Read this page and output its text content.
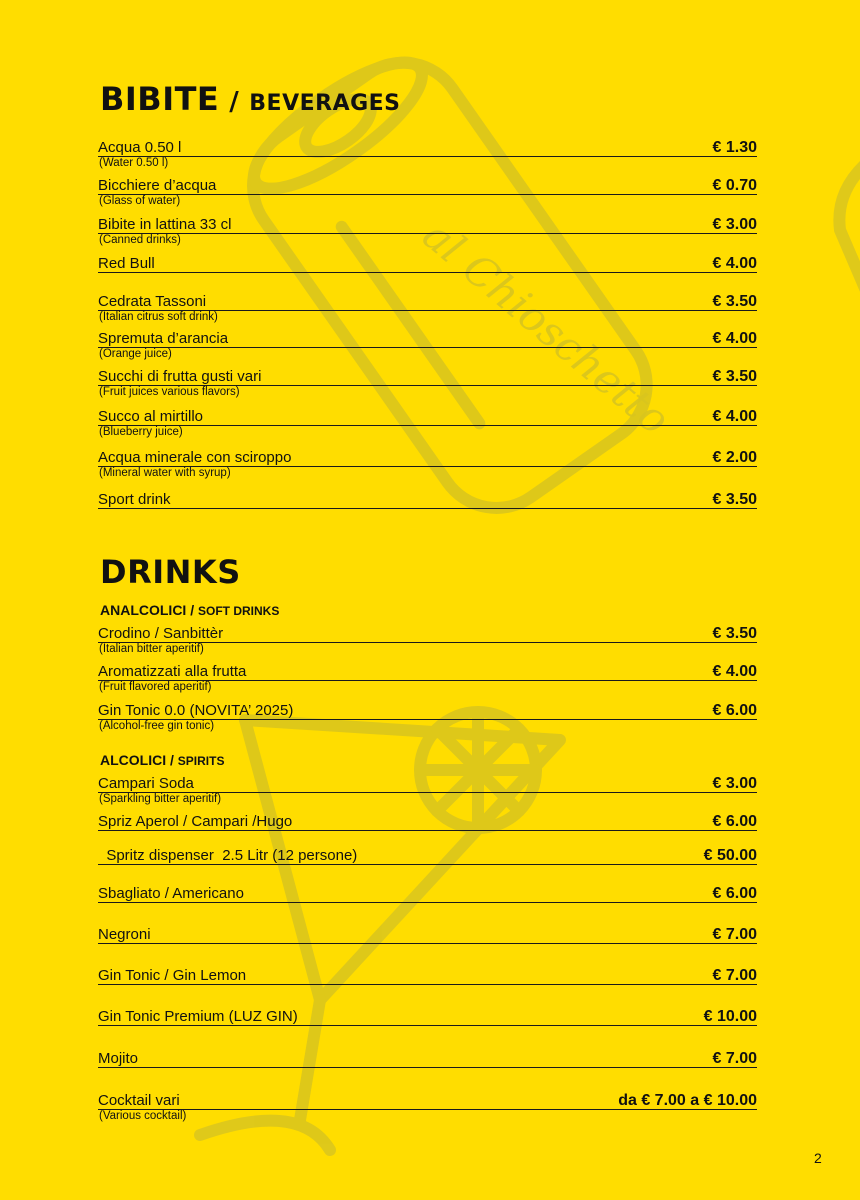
al Chioschetto
BIBITE / BEVERAGES
Acqua 0.50 l	€ 1.30
(Water 0.50 l)
Bicchiere d’acqua	€ 0.70
(Glass of water)
Bibite in lattina 33 cl	€ 3.00
(Canned drinks)
Red Bull	€ 4.00
Cedrata Tassoni	€ 3.50
(Italian citrus soft drink)
Spremuta d’arancia	€ 4.00
(Orange juice)
Succhi di frutta gusti vari	€ 3.50
(Fruit juices various flavors)
Succo al mirtillo	€ 4.00
(Blueberry juice)
Acqua minerale con sciroppo	€ 2.00
(Mineral water with syrup)
Sport drink	€ 3.50
DRINKS
ANALCOLICI / SOFT DRINKS
Crodino / Sanbittèr	€ 3.50
(Italian bitter aperitif)
Aromatizzati alla frutta	€ 4.00
(Fruit flavored aperitif)
Gin Tonic 0.0 (NOVITA’ 2025)	€ 6.00
(Alcohol-free gin tonic)
ALCOLICI / SPIRITS
Campari Soda	€ 3.00
(Sparkling bitter aperitif)
Spriz Aperol / Campari /Hugo	€ 6.00
Spritz dispenser  2.5 Litr (12 persone)	€ 50.00
Sbagliato / Americano	€ 6.00
Negroni	€ 7.00
Gin Tonic / Gin Lemon	€ 7.00
Gin Tonic Premium (LUZ GIN)	€ 10.00
Mojito	€ 7.00
Cocktail vari	da € 7.00 a € 10.00
(Various cocktail)
2
